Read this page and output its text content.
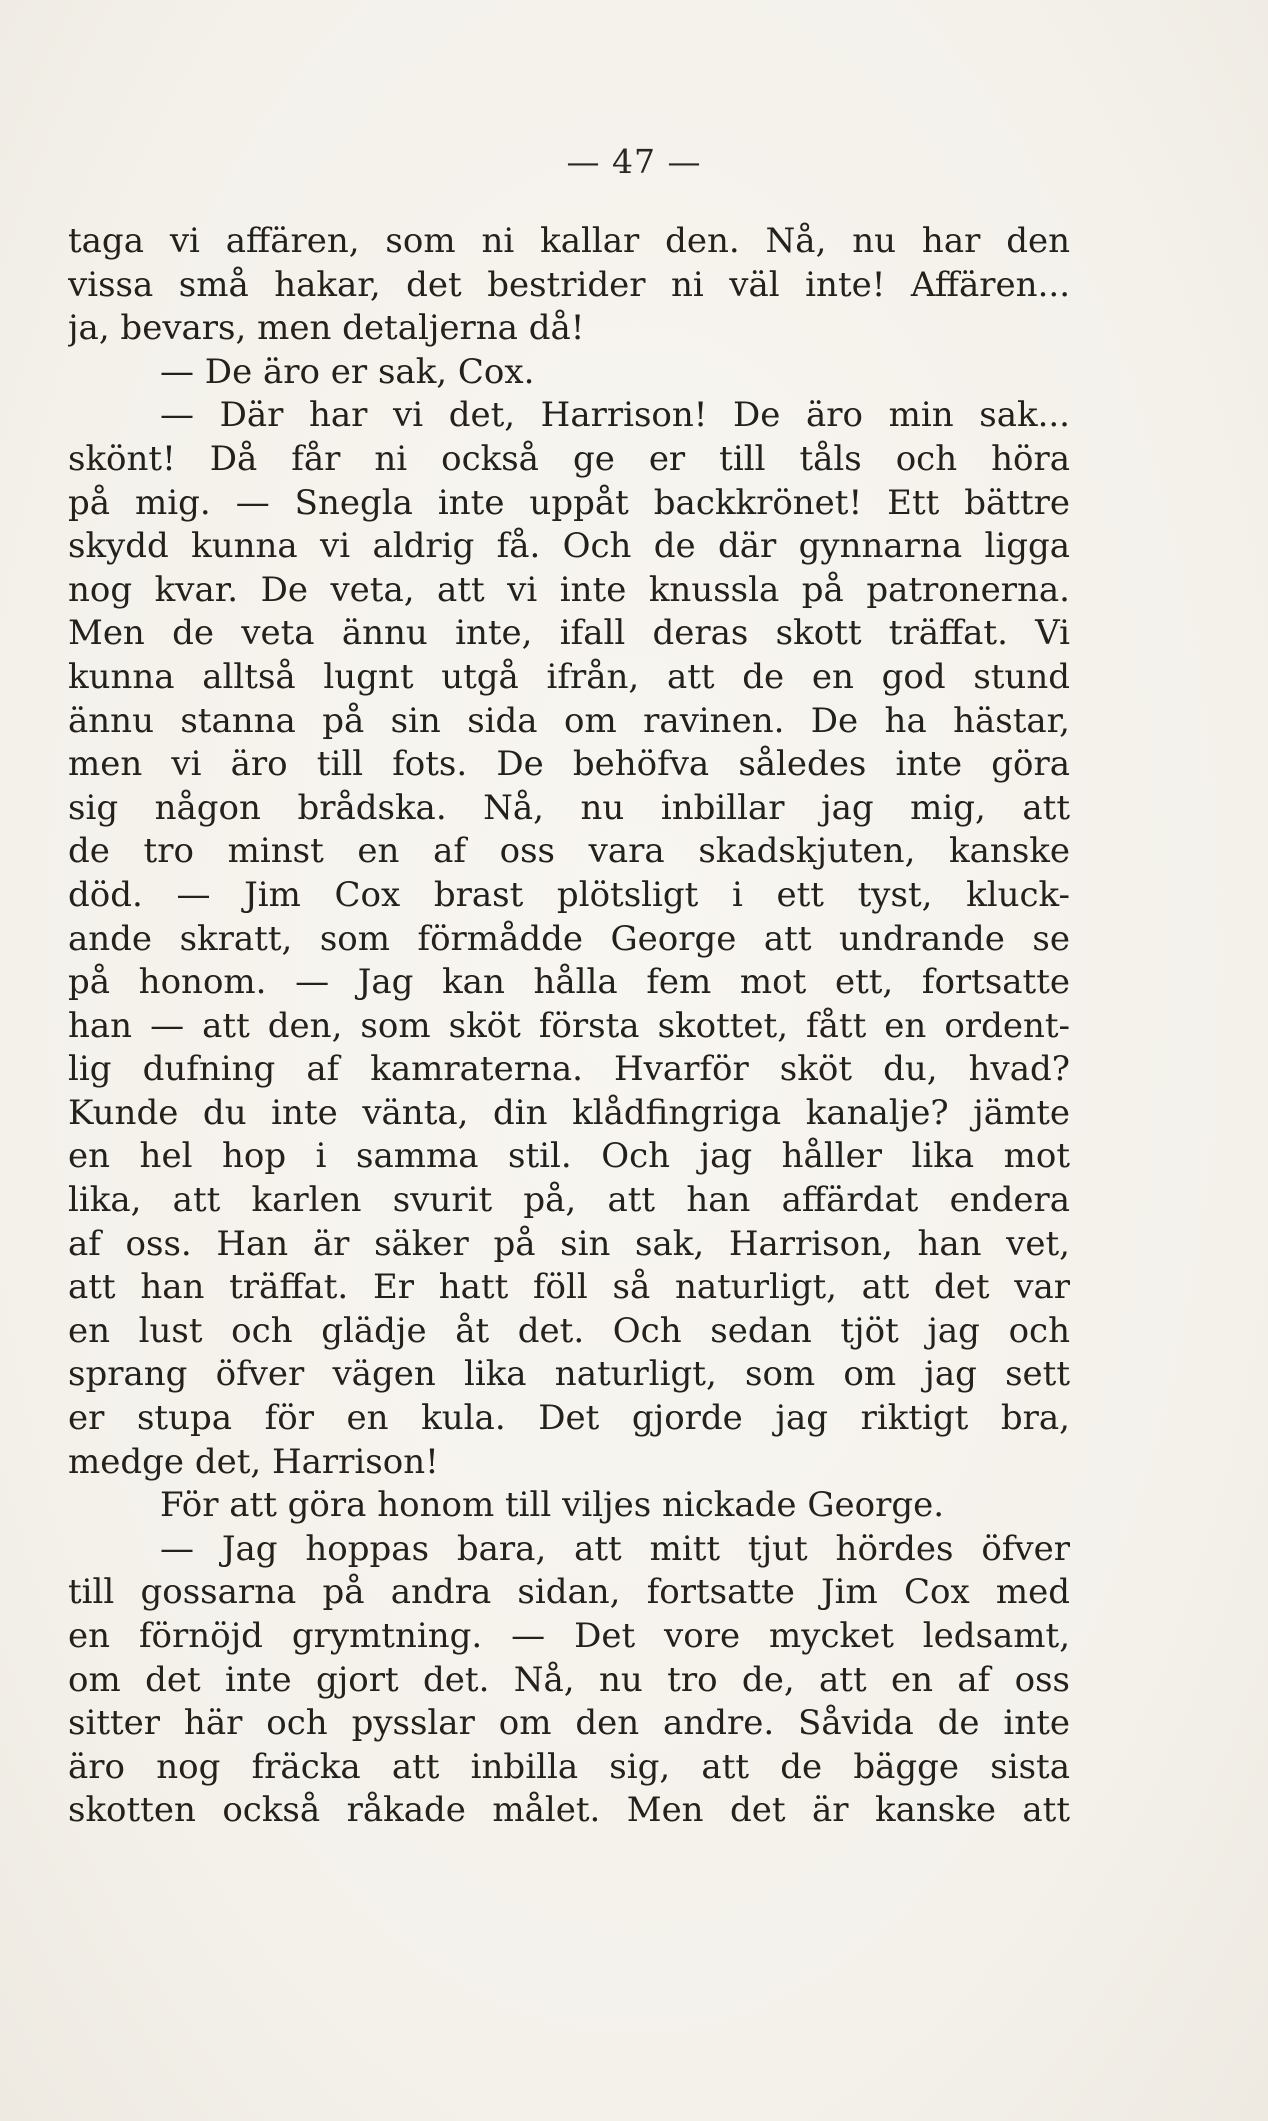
— 47 —
taga vi affären, som ni kallar den. Nå, nu har den
vissa små hakar, det bestrider ni väl inte! Affären...
ja, bevars, men detaljerna då!
— De äro er sak, Cox.
— Där har vi det, Harrison! De äro min sak...
skönt! Då får ni också ge er till tåls och höra
på mig. — Snegla inte uppåt backkrönet! Ett bättre
skydd kunna vi aldrig få. Och de där gynnarna ligga
nog kvar. De veta, att vi inte knussla på patronerna.
Men de veta ännu inte, ifall deras skott träffat. Vi
kunna alltså lugnt utgå ifrån, att de en god stund
ännu stanna på sin sida om ravinen. De ha hästar,
men vi äro till fots. De behöfva således inte göra
sig någon brådska. Nå, nu inbillar jag mig, att
de tro minst en af oss vara skadskjuten, kanske
död. — Jim Cox brast plötsligt i ett tyst, kluck-
ande skratt, som förmådde George att undrande se
på honom. — Jag kan hålla fem mot ett, fortsatte
han — att den, som sköt första skottet, fått en ordent-
lig dufning af kamraterna. Hvarför sköt du, hvad?
Kunde du inte vänta, din klådfingriga kanalje? jämte
en hel hop i samma stil. Och jag håller lika mot
lika, att karlen svurit på, att han affärdat endera
af oss. Han är säker på sin sak, Harrison, han vet,
att han träffat. Er hatt föll så naturligt, att det var
en lust och glädje åt det. Och sedan tjöt jag och
sprang öfver vägen lika naturligt, som om jag sett
er stupa för en kula. Det gjorde jag riktigt bra,
medge det, Harrison!
För att göra honom till viljes nickade George.
— Jag hoppas bara, att mitt tjut hördes öfver
till gossarna på andra sidan, fortsatte Jim Cox med
en förnöjd grymtning. — Det vore mycket ledsamt,
om det inte gjort det. Nå, nu tro de, att en af oss
sitter här och pysslar om den andre. Såvida de inte
äro nog fräcka att inbilla sig, att de bägge sista
skotten också råkade målet. Men det är kanske att
